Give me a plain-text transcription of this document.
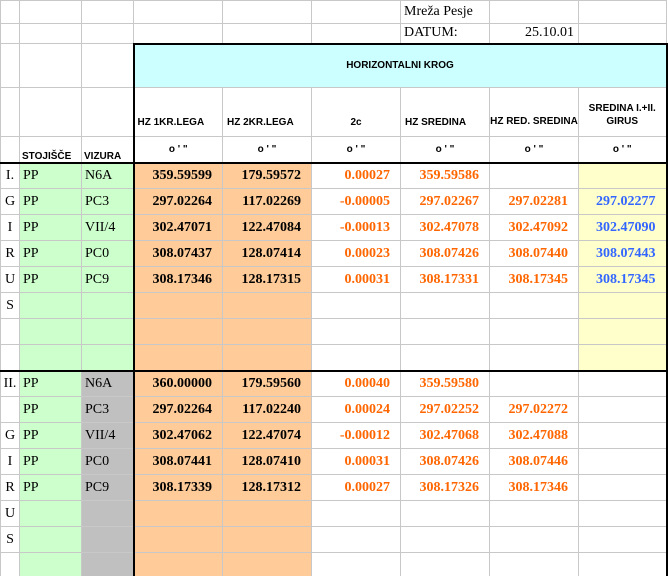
						Mreža Pesje		
						DATUM:	25.10.01	
			HORIZONTALNI KROG					
			HZ 1KR.LEGA	HZ 2KR.LEGA	2c	HZ SREDINA	HZ RED. SREDINA	SREDINA I.+II. GIRUS
	STOJIŠČE	VIZURA	o ' "	o ' "	o ' "	o ' "	o ' "	o ' "
I.	PP	N6A	359.59599	179.59572	0.00027	359.59586		
G	PP	PC3	297.02264	117.02269	-0.00005	297.02267	297.02281	297.02277
I	PP	VII/4	302.47071	122.47084	-0.00013	302.47078	302.47092	302.47090
R	PP	PC0	308.07437	128.07414	0.00023	308.07426	308.07440	308.07443
U	PP	PC9	308.17346	128.17315	0.00031	308.17331	308.17345	308.17345
S								

II.	PP	N6A	360.00000	179.59560	0.00040	359.59580		
	PP	PC3	297.02264	117.02240	0.00024	297.02252	297.02272	
G	PP	VII/4	302.47062	122.47074	-0.00012	302.47068	302.47088	
I	PP	PC0	308.07441	128.07410	0.00031	308.07426	308.07446	
R	PP	PC9	308.17339	128.17312	0.00027	308.17326	308.17346	
U								
S								
